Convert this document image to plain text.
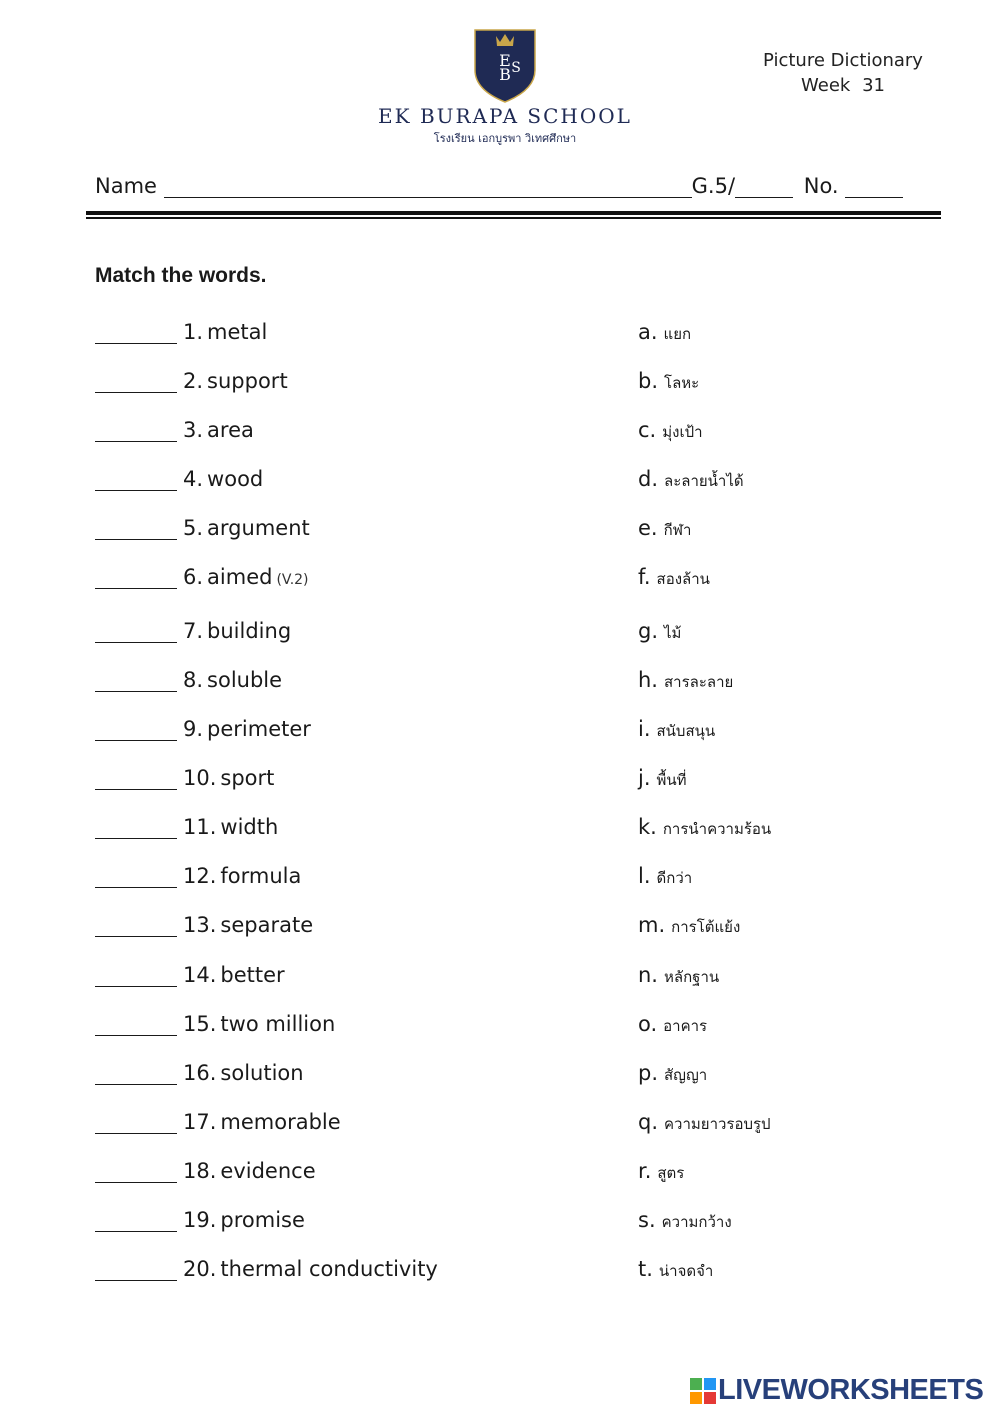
E
B S
EK BURAPA SCHOOL
โรงเรียน เอกบูรพา วิเทศศึกษา
Picture Dictionary
Week 31
Name	G.5/	No.
Match the words.
1. metal
2. support
3. area
4. wood
5. argument
6. aimed (V.2)
7. building
8. soluble
9. perimeter
10. sport
11. width
12. formula
13. separate
14. better
15. two million
16. solution
17. memorable
18. evidence
19. promise
20. thermal conductivity
a. แยก
b. โลหะ
c. มุ่งเป้า
d. ละลายน้ำได้
e. กีฬา
f. สองล้าน
g. ไม้
h. สารละลาย
i. สนับสนุน
j. พื้นที่
k. การนำความร้อน
l. ดีกว่า
m. การโต้แย้ง
n. หลักฐาน
o. อาคาร
p. สัญญา
q. ความยาวรอบรูป
r. สูตร
s. ความกว้าง
t. น่าจดจำ
LIVEWORKSHEETS
